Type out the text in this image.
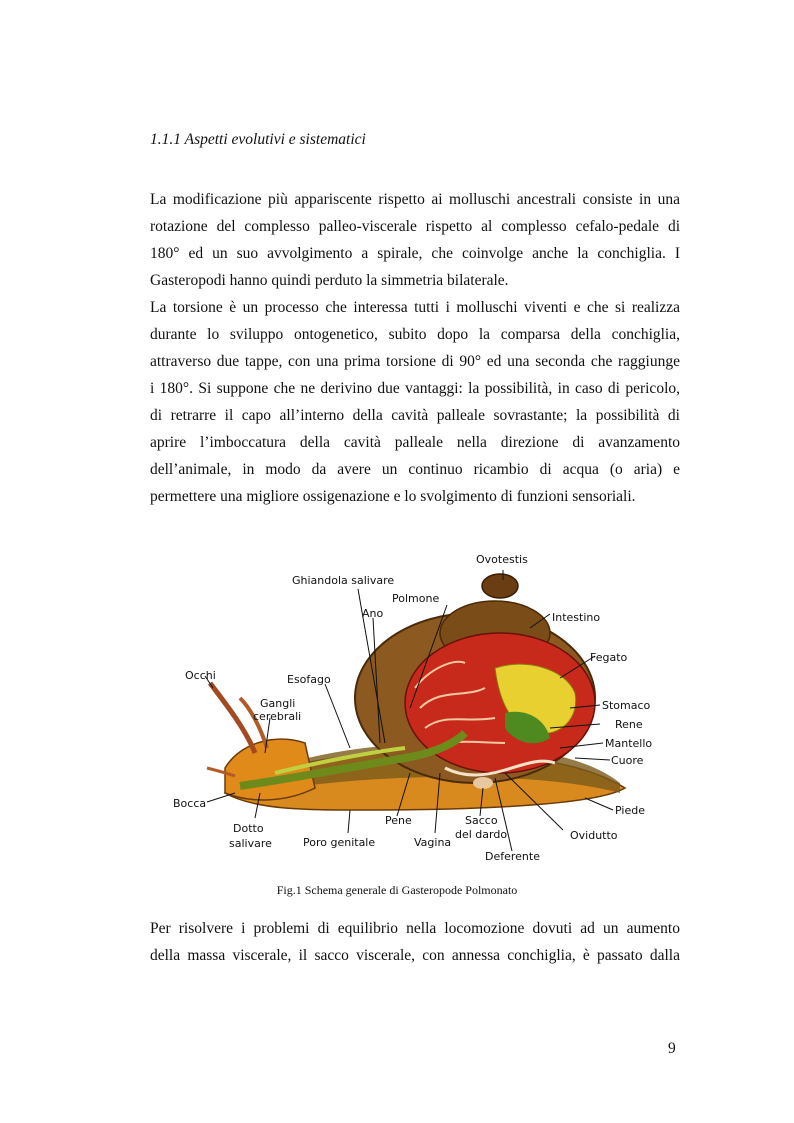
1.1.1 Aspetti evolutivi e sistematici
La modificazione più appariscente rispetto ai molluschi ancestrali consiste in una
rotazione del complesso palleo-viscerale rispetto al complesso cefalo-pedale di
180° ed un suo avvolgimento a spirale, che coinvolge anche la conchiglia. I
Gasteropodi hanno quindi perduto la simmetria bilaterale.
La torsione è un processo che interessa tutti i molluschi viventi e che si realizza
durante lo sviluppo ontogenetico, subito dopo la comparsa della conchiglia,
attraverso due tappe, con una prima torsione di 90° ed una seconda che raggiunge
i 180°. Si suppone che ne derivino due vantaggi: la possibilità, in caso di pericolo,
di retrarre il capo all’interno della cavità palleale sovrastante; la possibilità di
aprire l’imboccatura della cavità palleale nella direzione di avanzamento
dell’animale, in modo da avere un continuo ricambio di acqua (o aria) e
permettere una migliore ossigenazione e lo svolgimento di funzioni sensoriali.
Ovotestis
Ghiandola salivare
Polmone
Ano	Intestino
Fegato
Occhi	Esofago
Gangli
cerebrali
Stomaco
Rene
Mantello
Cuore
Bocca
Piede
Dotto
salivare	Poro genitale
Pene
Vagina
Sacco
del dardo	Ovidutto
Deferente
Fig.1 Schema generale di Gasteropode Polmonato
Per risolvere i problemi di equilibrio nella locomozione dovuti ad un aumento
della massa viscerale, il sacco viscerale, con annessa conchiglia, è passato dalla
9
